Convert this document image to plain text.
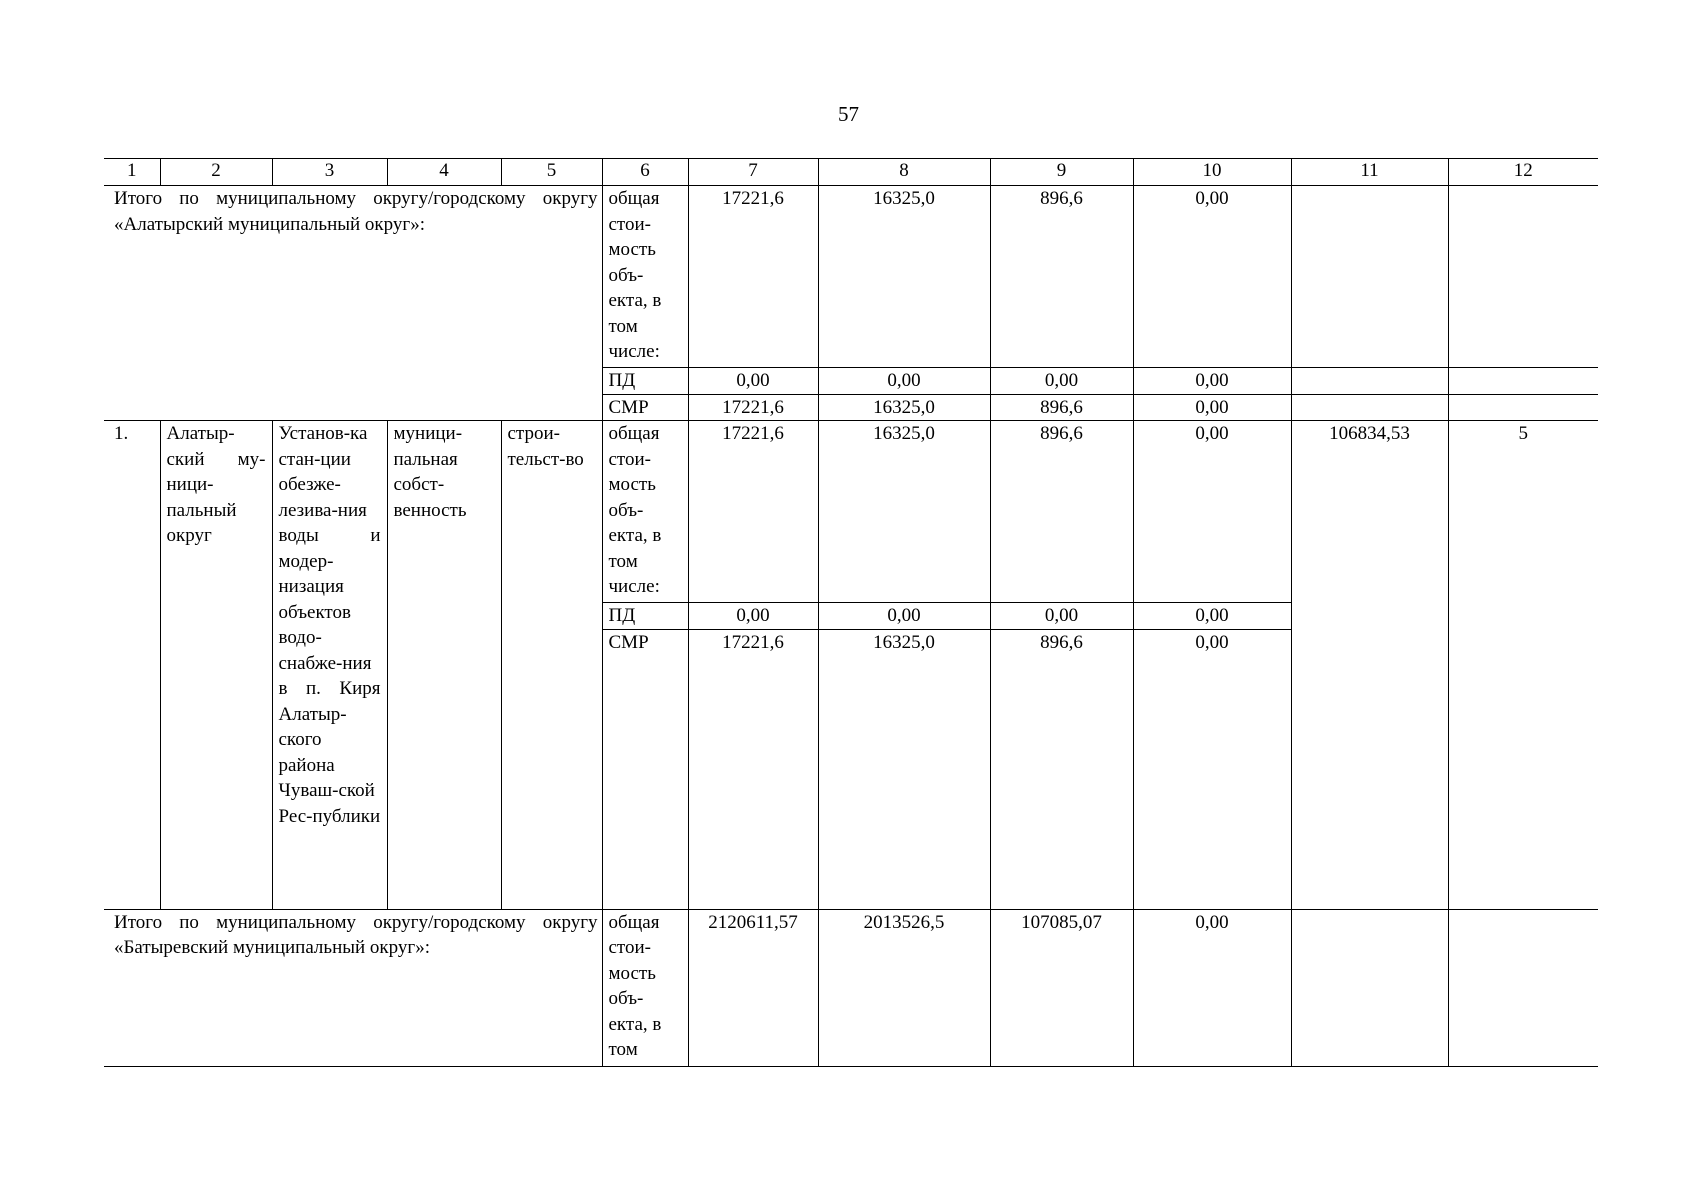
57
1	2	3	4	5	6	7	8	9	10	11	12
Итого по муниципальному округу/городскому округу «Алатырский муниципальный округ»:					общая стои-мость объ-екта, в том числе:	17221,6	16325,0	896,6	0,00		
					ПД	0,00	0,00	0,00	0,00		
					СМР	17221,6	16325,0	896,6	0,00		
1.	Алатыр-ский му-ници-пальный округ	Установ-ка стан-ции обезже-лезива-ния воды и модер-низация объектов водо-снабже-ния в п. Киря Алатыр-ского района Чуваш-ской Рес-публики	муници-пальная собст-венность	строи-тельст-во	общая стои-мость объ-екта, в том числе:	17221,6	16325,0	896,6	0,00	106834,53	5
					ПД	0,00	0,00	0,00	0,00		
					СМР	17221,6	16325,0	896,6	0,00		
Итого по муниципальному округу/городскому округу «Батыревский муниципальный округ»:					общая стои-мость объ-екта, в том	2120611,57	2013526,5	107085,07	0,00		
